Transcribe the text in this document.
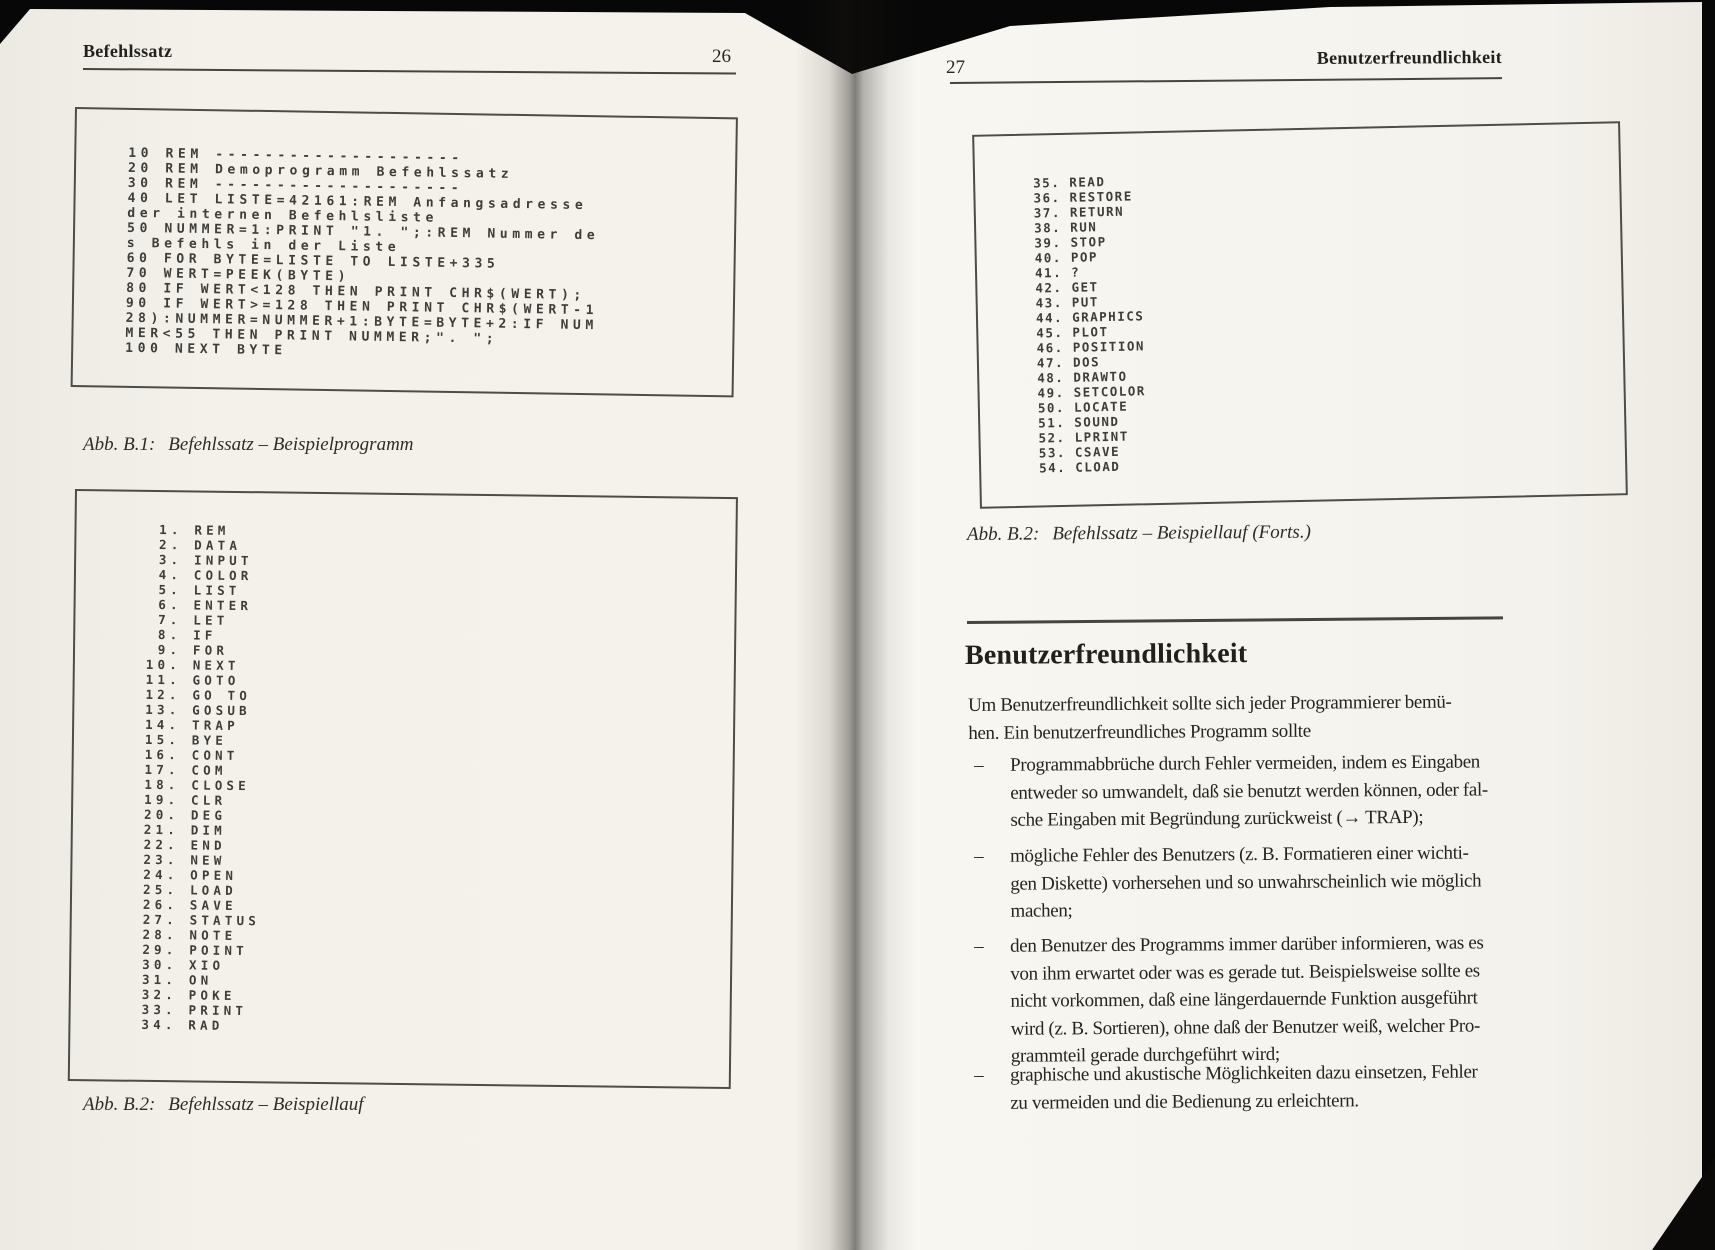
Befehlssatz	26
10 REM --------------------
20 REM Demoprogramm Befehlssatz
30 REM --------------------
40 LET LISTE=42161:REM Anfangsadresse
der internen Befehlsliste
50 NUMMER=1:PRINT "1. ";:REM Nummer de
s Befehls in der Liste
60 FOR BYTE=LISTE TO LISTE+335
70 WERT=PEEK(BYTE)
80 IF WERT<128 THEN PRINT CHR$(WERT);
90 IF WERT>=128 THEN PRINT CHR$(WERT-1
28):NUMMER=NUMMER+1:BYTE=BYTE+2:IF NUM
MER<55 THEN PRINT NUMMER;". ";
100 NEXT BYTE
Abb. B.1: Befehlssatz – Beispielprogramm
1. REM
2. DATA
3. INPUT
4. COLOR
5. LIST
6. ENTER
7. LET
8. IF
9. FOR
10. NEXT
11. GOTO
12. GO TO
13. GOSUB
14. TRAP
15. BYE
16. CONT
17. COM
18. CLOSE
19. CLR
20. DEG
21. DIM
22. END
23. NEW
24. OPEN
25. LOAD
26. SAVE
27. STATUS
28. NOTE
29. POINT
30. XIO
31. ON
32. POKE
33. PRINT
34. RAD
Abb. B.2: Befehlssatz – Beispiellauf
27	Benutzerfreundlichkeit
35. READ
36. RESTORE
37. RETURN
38. RUN
39. STOP
40. POP
41. ?
42. GET
43. PUT
44. GRAPHICS
45. PLOT
46. POSITION
47. DOS
48. DRAWTO
49. SETCOLOR
50. LOCATE
51. SOUND
52. LPRINT
53. CSAVE
54. CLOAD
Abb. B.2: Befehlssatz – Beispiellauf (Forts.)
Benutzerfreundlichkeit
Um Benutzerfreundlichkeit sollte sich jeder Programmierer bemü-
hen. Ein benutzerfreundliches Programm sollte
– Programmabbrüche durch Fehler vermeiden, indem es Eingaben
entweder so umwandelt, daß sie benutzt werden können, oder fal-
sche Eingaben mit Begründung zurückweist (→ TRAP);
– mögliche Fehler des Benutzers (z. B. Formatieren einer wichti-
gen Diskette) vorhersehen und so unwahrscheinlich wie möglich
machen;
– den Benutzer des Programms immer darüber informieren, was es
von ihm erwartet oder was es gerade tut. Beispielsweise sollte es
nicht vorkommen, daß eine längerdauernde Funktion ausgeführt
wird (z. B. Sortieren), ohne daß der Benutzer weiß, welcher Pro-
grammteil gerade durchgeführt wird;
– graphische und akustische Möglichkeiten dazu einsetzen, Fehler
zu vermeiden und die Bedienung zu erleichtern.
